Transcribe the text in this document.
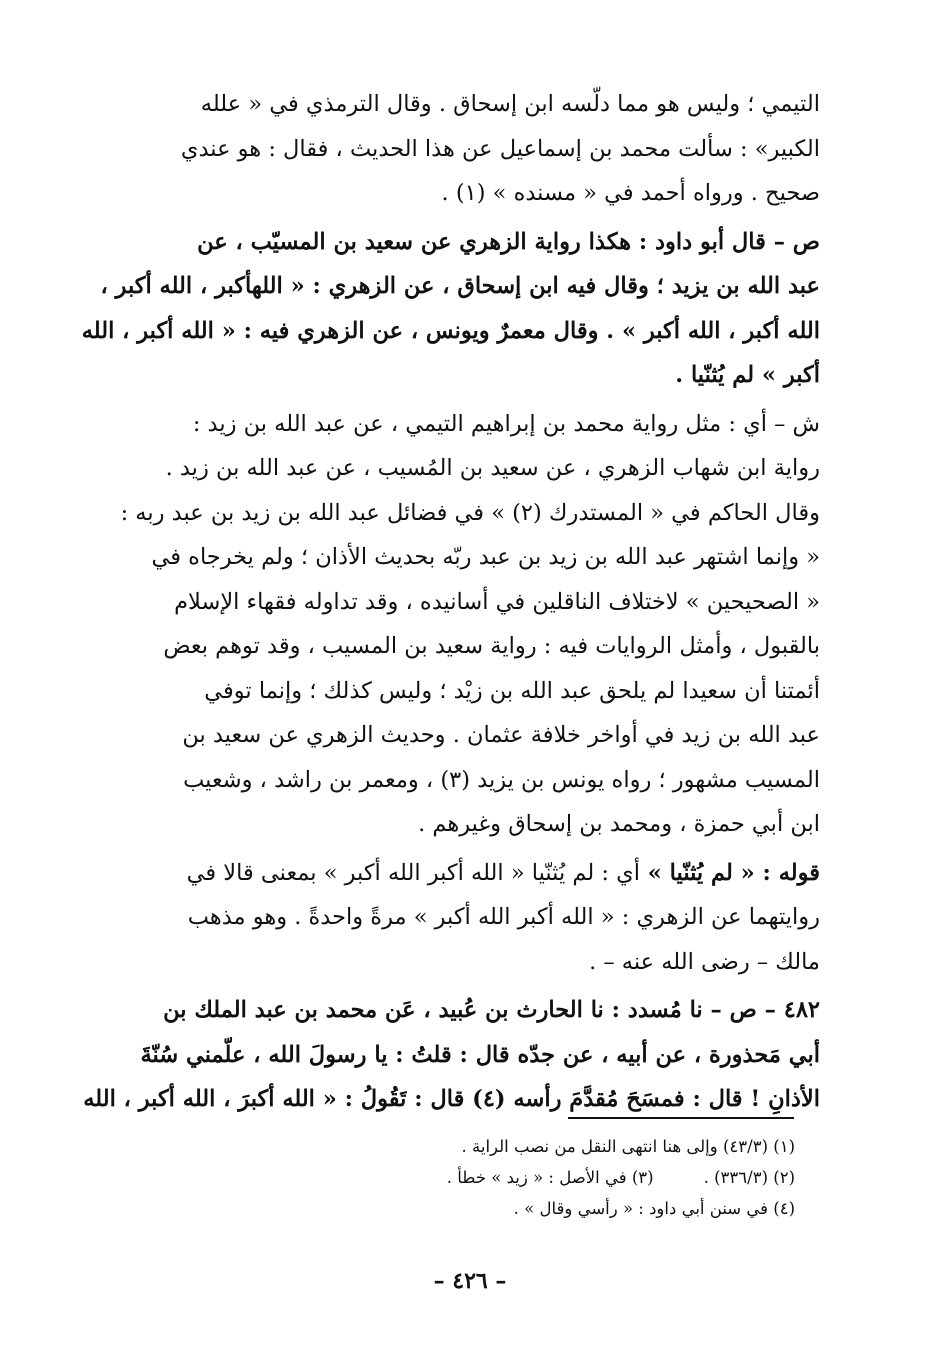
التيمي ؛ وليس هو مما دلّسه ابن إسحاق . وقال الترمذي في « علله
الكبير» : سألت محمد بن إسماعيل عن هذا الحديث ، فقال : هو عندي
صحيح . ورواه أحمد في « مسنده » (١) .
ص – قال أبو داود : هكذا رواية الزهري عن سعيد بن المسيّب ، عن
عبد الله بن يزيد ؛ وقال فيه ابن إسحاق ، عن الزهري : « اللهأكبر ، الله أكبر ،
الله أكبر ، الله أكبر » . وقال معمرٌ ويونس ، عن الزهري فيه : « الله أكبر ، الله
أكبر » لم يُثنّيا .
ش – أي : مثل رواية محمد بن إبراهيم التيمي ، عن عبد الله بن زيد :
رواية ابن شهاب الزهري ، عن سعيد بن المُسيب ، عن عبد الله بن زيد .
وقال الحاكم في « المستدرك (٢) » في فضائل عبد الله بن زيد بن عبد ربه :
« وإنما اشتهر عبد الله بن زيد بن عبد ربّه بحديث الأذان ؛ ولم يخرجاه في
« الصحيحين » لاختلاف الناقلين في أسانيده ، وقد تداوله فقهاء الإسلام
بالقبول ، وأمثل الروايات فيه : رواية سعيد بن المسيب ، وقد توهم بعض
أئمتنا أن سعيدا لم يلحق عبد الله بن زيْد ؛ وليس كذلك ؛ وإنما توفي
عبد الله بن زيد في أواخر خلافة عثمان . وحديث الزهري عن سعيد بن
المسيب مشهور ؛ رواه يونس بن يزيد (٣) ، ومعمر بن راشد ، وشعيب
ابن أبي حمزة ، ومحمد بن إسحاق وغيرهم .
قوله : « لم يُثنّيا » أي : لم يُثنّيا « الله أكبر الله أكبر » بمعنى قالا في
روايتهما عن الزهري : « الله أكبر الله أكبر » مرةً واحدةً . وهو مذهب
مالك – رضى الله عنه – .
٤٨٢ – ص – نا مُسدد : نا الحارث بن عُبيد ، عَن محمد بن عبد الملك بن
أبي مَحذورة ، عن أبيه ، عن جدّه قال : قلتُ : يا رسولَ الله ، علّمني سُنّةَ
الأذانِ ! قال : فمسَحَ مُقدَّمَ رأسه (٤) قال : تَقُولُ : « الله أكبرَ ، الله أكبر ، الله
(١) (٤٣/٣) وإلى هنا انتهى النقل من نصب الراية .
(٢) (٣٣٦/٣) .
(٣) في الأصل : « زيد » خطأ .
(٤) في سنن أبي داود : « رأسي وقال » .
– ٤٢٦ –
